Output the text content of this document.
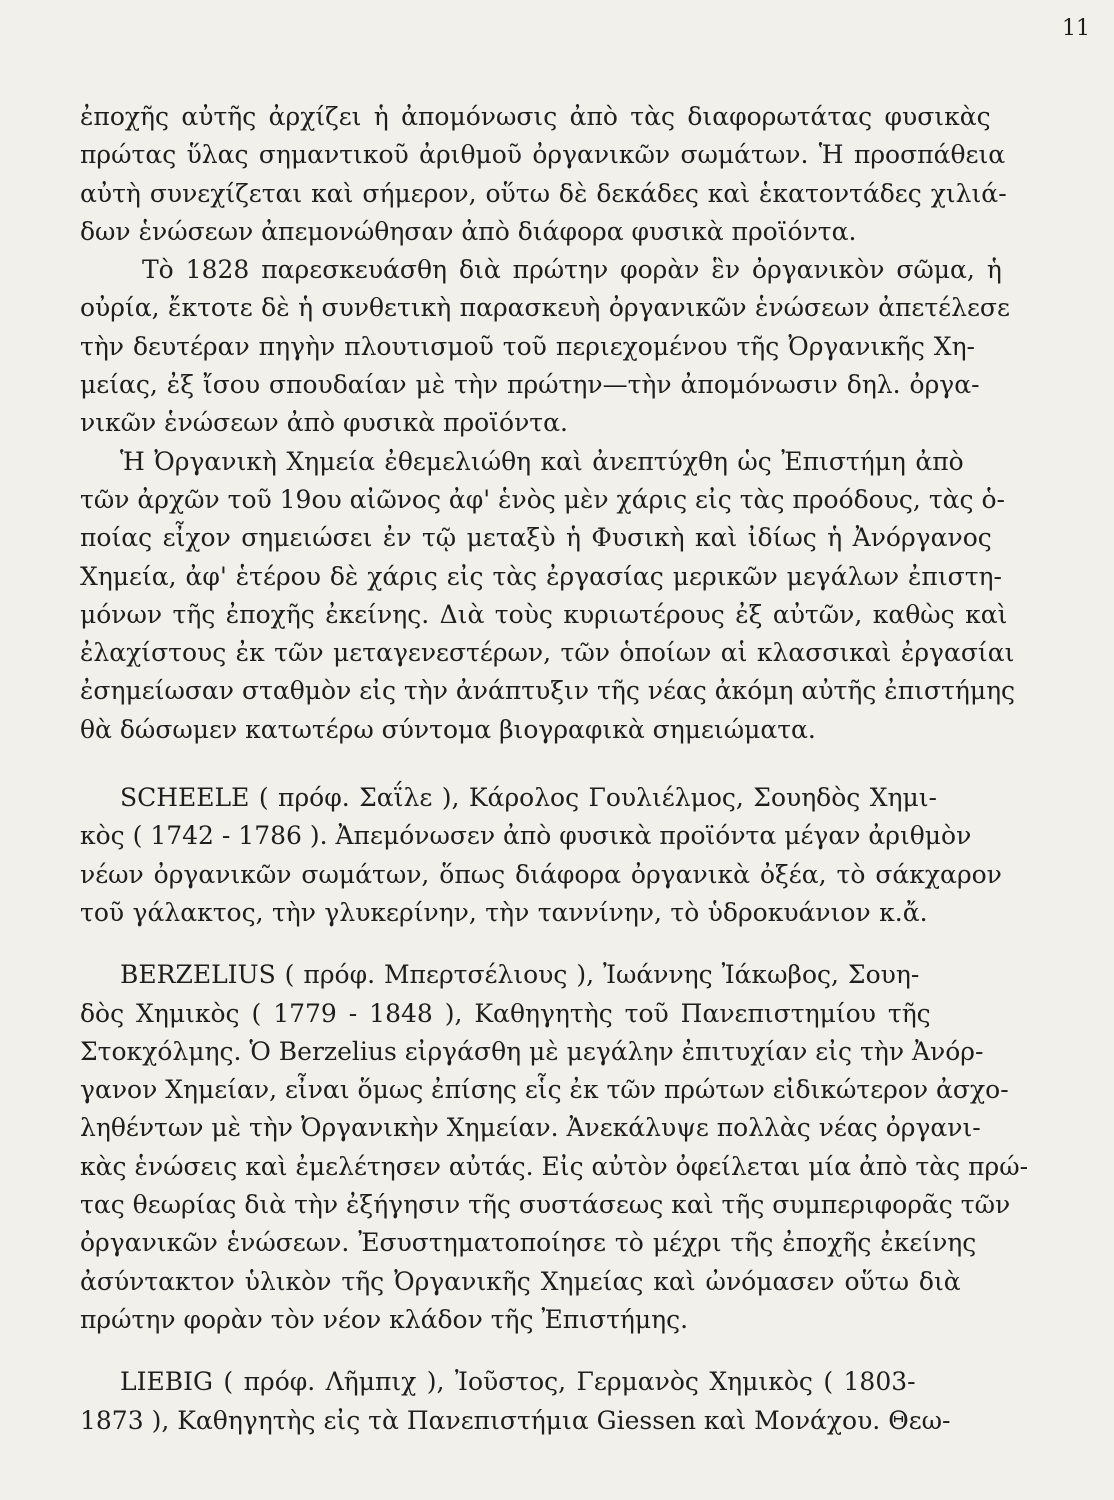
11
ἐποχῆς αὐτῆς ἀρχίζει ἡ ἀπομόνωσις ἀπὸ τὰς διαφορωτάτας φυσικὰς
πρώτας ὕλας σημαντικοῦ ἀριθμοῦ ὀργανικῶν σωμάτων. Ἡ προσπάθεια
αὐτὴ συνεχίζεται καὶ σήμερον, οὕτω δὲ δεκάδες καὶ ἑκατοντάδες χιλιά-
δων ἑνώσεων ἀπεμονώθησαν ἀπὸ διάφορα φυσικὰ προϊόντα.
Τὸ 1828 παρεσκευάσθη διὰ πρώτην φορὰν ἓν ὀργανικὸν σῶμα, ἡ
οὐρία, ἔκτοτε δὲ ἡ συνθετικὴ παρασκευὴ ὀργανικῶν ἑνώσεων ἀπετέλεσε
τὴν δευτέραν πηγὴν πλουτισμοῦ τοῦ περιεχομένου τῆς Ὀργανικῆς Χη-
μείας, ἐξ ἴσου σπουδαίαν μὲ τὴν πρώτην—τὴν ἀπομόνωσιν δηλ. ὀργα-
νικῶν ἑνώσεων ἀπὸ φυσικὰ προϊόντα.
Ἡ Ὀργανικὴ Χημεία ἐθεμελιώθη καὶ ἀνεπτύχθη ὡς Ἐπιστήμη ἀπὸ
τῶν ἀρχῶν τοῦ 19ου αἰῶνος ἀφ' ἑνὸς μὲν χάρις εἰς τὰς προόδους, τὰς ὁ-
ποίας εἶχον σημειώσει ἐν τῷ μεταξὺ ἡ Φυσικὴ καὶ ἰδίως ἡ Ἀνόργανος
Χημεία, ἀφ' ἑτέρου δὲ χάρις εἰς τὰς ἐργασίας μερικῶν μεγάλων ἐπιστη-
μόνων τῆς ἐποχῆς ἐκείνης. Διὰ τοὺς κυριωτέρους ἐξ αὐτῶν, καθὼς καὶ
ἐλαχίστους ἐκ τῶν μεταγενεστέρων, τῶν ὁποίων αἱ κλασσικαὶ ἐργασίαι
ἐσημείωσαν σταθμὸν εἰς τὴν ἀνάπτυξιν τῆς νέας ἀκόμη αὐτῆς ἐπιστήμης
θὰ δώσωμεν κατωτέρω σύντομα βιογραφικὰ σημειώματα.
SCHEELE ( πρόφ. Σαΐλε ), Κάρολος Γουλιέλμος, Σουηδὸς Χημι-
κὸς ( 1742 - 1786 ). Ἀπεμόνωσεν ἀπὸ φυσικὰ προϊόντα μέγαν ἀριθμὸν
νέων ὀργανικῶν σωμάτων, ὅπως διάφορα ὀργανικὰ ὀξέα, τὸ σάκχαρον
τοῦ γάλακτος, τὴν γλυκερίνην, τὴν ταννίνην, τὸ ὑδροκυάνιον κ.ἄ.
BERZELIUS ( πρόφ. Μπερτσέλιους ), Ἰωάννης Ἰάκωβος, Σουη-
δὸς Χημικὸς ( 1779 - 1848 ), Καθηγητὴς τοῦ Πανεπιστημίου τῆς
Στοκχόλμης. Ὁ Berzelius εἰργάσθη μὲ μεγάλην ἐπιτυχίαν εἰς τὴν Ἀνόρ-
γανον Χημείαν, εἶναι ὅμως ἐπίσης εἷς ἐκ τῶν πρώτων εἰδικώτερον ἀσχο-
ληθέντων μὲ τὴν Ὀργανικὴν Χημείαν. Ἀνεκάλυψε πολλὰς νέας ὀργανι-
κὰς ἑνώσεις καὶ ἐμελέτησεν αὐτάς. Εἰς αὐτὸν ὀφείλεται μία ἀπὸ τὰς πρώ-
τας θεωρίας διὰ τὴν ἐξήγησιν τῆς συστάσεως καὶ τῆς συμπεριφορᾶς τῶν
ὀργανικῶν ἑνώσεων. Ἐσυστηματοποίησε τὸ μέχρι τῆς ἐποχῆς ἐκείνης
ἀσύντακτον ὑλικὸν τῆς Ὀργανικῆς Χημείας καὶ ὠνόμασεν οὕτω διὰ
πρώτην φορὰν τὸν νέον κλάδον τῆς Ἐπιστήμης.
LIEBIG ( πρόφ. Λῆμπιχ ), Ἰοῦστος, Γερμανὸς Χημικὸς ( 1803-
1873 ), Καθηγητὴς εἰς τὰ Πανεπιστήμια Giessen καὶ Μονάχου. Θεω-
